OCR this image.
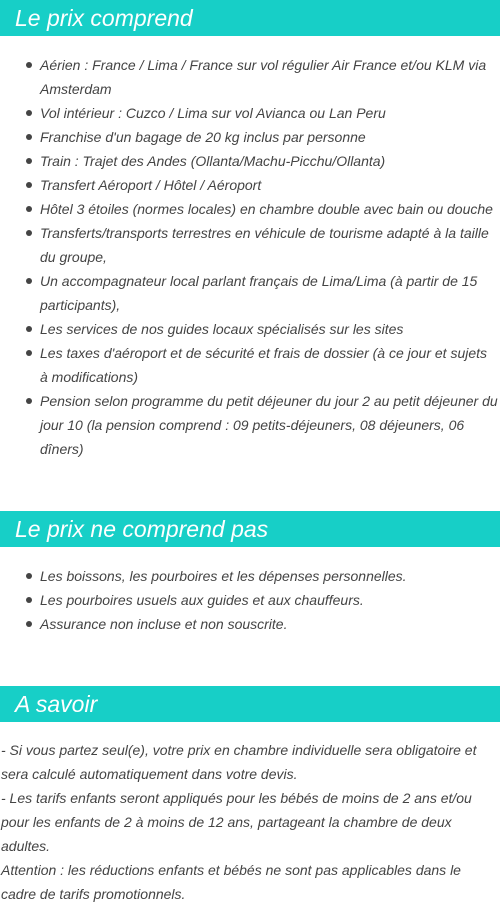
Le prix comprend
Aérien : France / Lima / France sur vol régulier Air France et/ou KLM via Amsterdam
Vol intérieur : Cuzco / Lima sur vol Avianca ou Lan Peru
Franchise d'un bagage de 20 kg inclus par personne
Train : Trajet des Andes (Ollanta/Machu-Picchu/Ollanta)
Transfert Aéroport / Hôtel / Aéroport
Hôtel 3 étoiles (normes locales) en chambre double avec bain ou douche
Transferts/transports terrestres en véhicule de tourisme adapté à la taille du groupe,
Un accompagnateur local parlant français de Lima/Lima (à partir de 15 participants),
Les services de nos guides locaux spécialisés sur les sites
Les taxes d'aéroport et de sécurité et frais de dossier (à ce jour et sujets à modifications)
Pension selon programme du petit déjeuner du jour 2 au petit déjeuner du jour 10 (la pension comprend : 09 petits-déjeuners, 08 déjeuners, 06 dîners)
Le prix ne comprend pas
Les boissons, les pourboires et les dépenses personnelles.
Les pourboires usuels aux guides et aux chauffeurs.
Assurance non incluse et non souscrite.
A savoir

- Si vous partez seul(e), votre prix en chambre individuelle sera obligatoire et sera calculé automatiquement dans votre devis.

- Les tarifs enfants seront appliqués pour les bébés de moins de 2 ans et/ou pour les enfants de 2 à moins de 12 ans, partageant la chambre de deux adultes.

Attention : les réductions enfants et bébés ne sont pas applicables dans le cadre de tarifs promotionnels.
